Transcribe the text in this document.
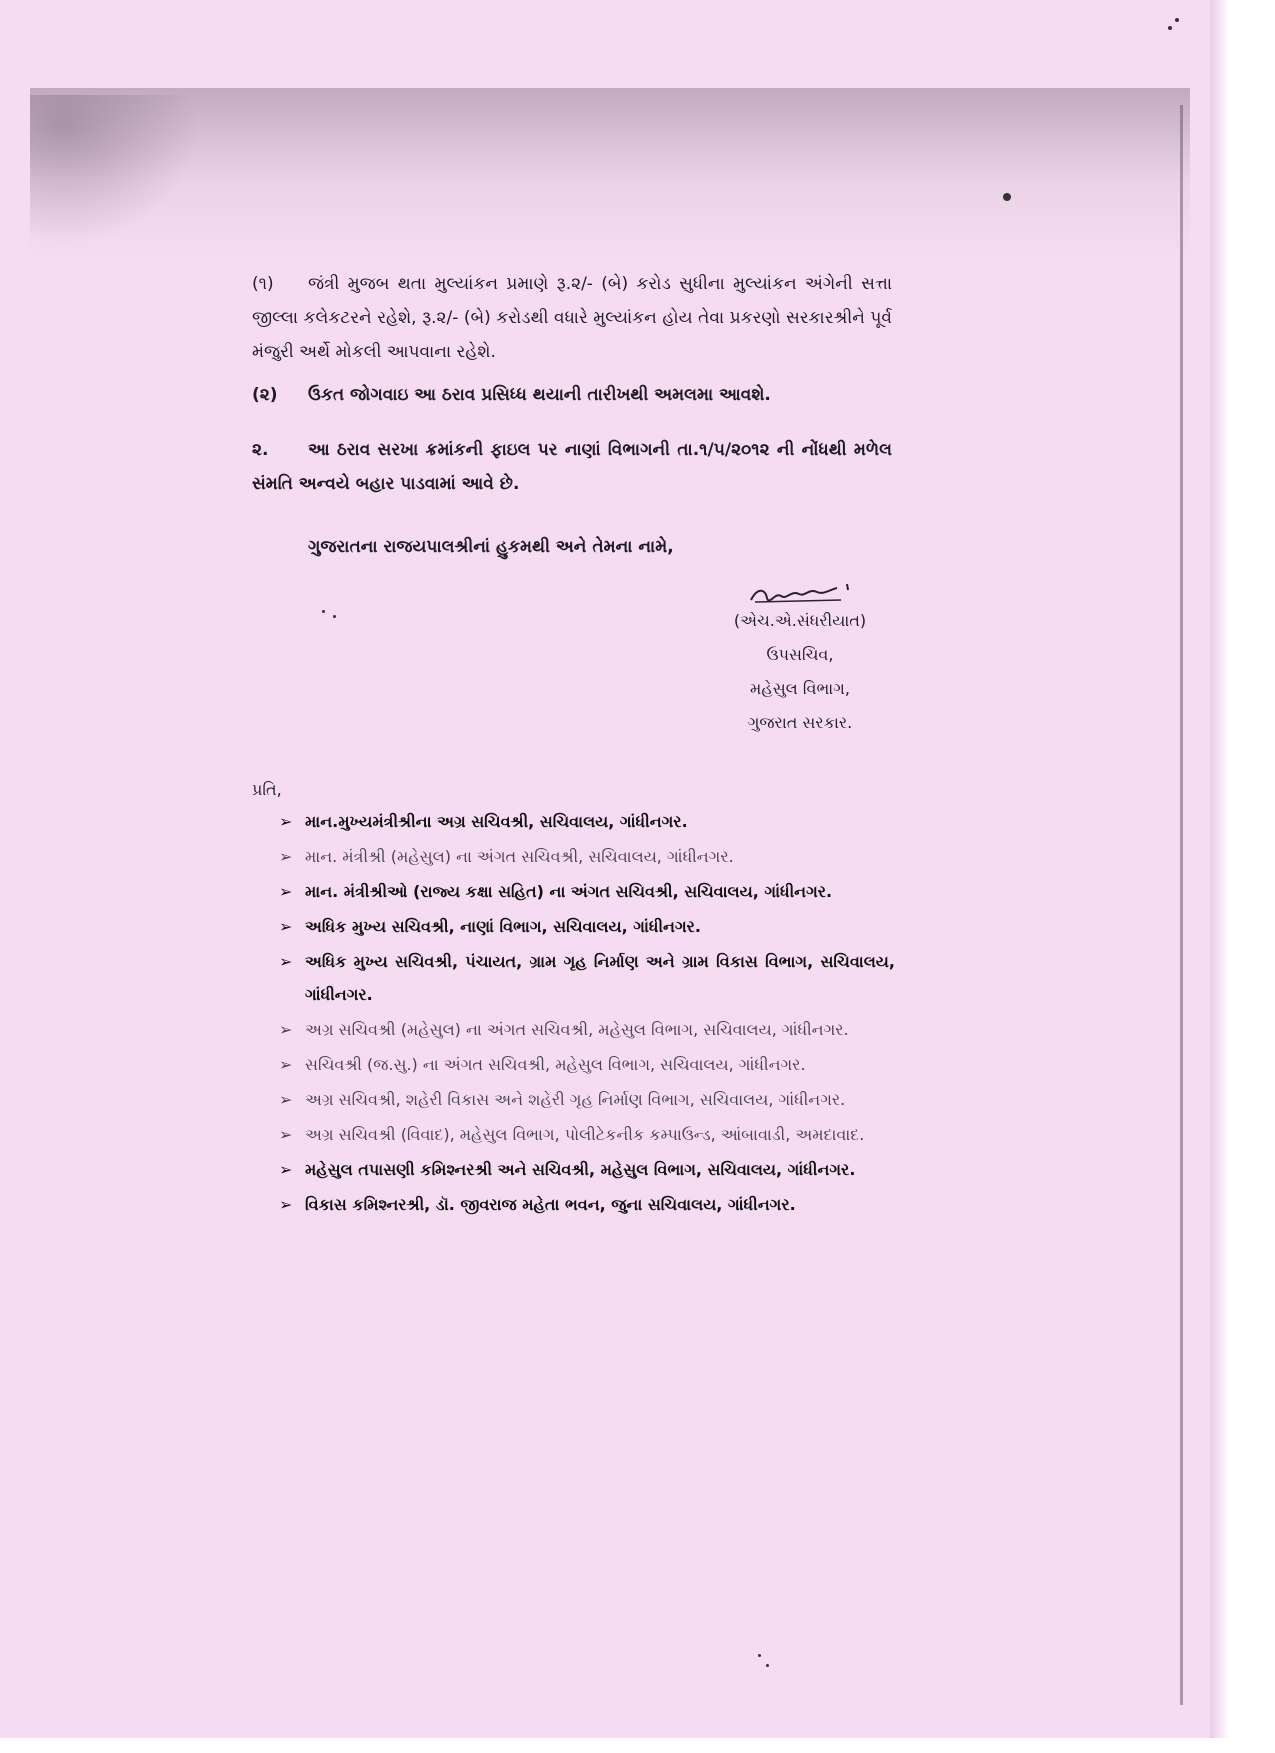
(૧) જંત્રી મુજબ થતા મુલ્યાંકન પ્રમાણે રૂ.૨/- (બે) કરોડ સુધીના મુલ્યાંકન અંગેની સત્તા જીલ્લા કલેકટરને રહેશે, રૂ.૨/- (બે) કરોડથી વધારે મુલ્યાંકન હોય તેવા પ્રકરણો સરકારશ્રીને પૂર્વ મંજુરી અર્થે મોકલી આપવાના રહેશે.
(૨) ઉકત જોગવાઇ આ ઠરાવ પ્રસિધ્ધ થયાની તારીખથી અમલમા આવશે.
૨. આ ઠરાવ સરખા ક્રમાંકની ફાઇલ પર નાણાં વિભાગની તા.૧/૫/૨૦૧૨ ની નોંધથી મળેલ સંમતિ અન્વયે બહાર પાડવામાં આવે છે.
ગુજરાતના રાજયપાલશ્રીનાં હુકમથી અને તેમના નામે,
(એચ.એ.સંધરીયાત)
ઉપસચિવ,
મહેસુલ વિભાગ,
ગુજરાત સરકાર.
પ્રતિ,
➢ માન.મુખ્યમંત્રીશ્રીના અગ્ર સચિવશ્રી, સચિવાલય, ગાંધીનગર.
➢ માન. મંત્રીશ્રી (મહેસુલ) ના અંગત સચિવશ્રી, સચિવાલય, ગાંધીનગર.
➢ માન. મંત્રીશ્રીઓ (રાજ્ય કક્ષા સહિત) ના અંગત સચિવશ્રી, સચિવાલય, ગાંધીનગર.
➢ અધિક મુખ્ય સચિવશ્રી, નાણાં વિભાગ, સચિવાલય, ગાંધીનગર.
➢ અધિક મુખ્ય સચિવશ્રી, પંચાયત, ગ્રામ ગૃહ નિર્માણ અને ગ્રામ વિકાસ વિભાગ, સચિવાલય, ગાંધીનગર.
➢ અગ્ર સચિવશ્રી (મહેસુલ) ના અંગત સચિવશ્રી, મહેસુલ વિભાગ, સચિવાલય, ગાંધીનગર.
➢ સચિવશ્રી (જ.સુ.) ના અંગત સચિવશ્રી, મહેસુલ વિભાગ, સચિવાલય, ગાંધીનગર.
➢ અગ્ર સચિવશ્રી, શહેરી વિકાસ અને શહેરી ગૃહ નિર્માણ વિભાગ, સચિવાલય, ગાંધીનગર.
➢ અગ્ર સચિવશ્રી (વિવાદ), મહેસુલ વિભાગ, પોલીટેકનીક કમ્પાઉન્ડ, આંબાવાડી, અમદાવાદ.
➢ મહેસુલ તપાસણી કમિશ્નરશ્રી અને સચિવશ્રી, મહેસુલ વિભાગ, સચિવાલય, ગાંધીનગર.
➢ વિકાસ કમિશ્નરશ્રી, ડૉ. જીવરાજ મહેતા ભવન, જુના સચિવાલય, ગાંધીનગર.
